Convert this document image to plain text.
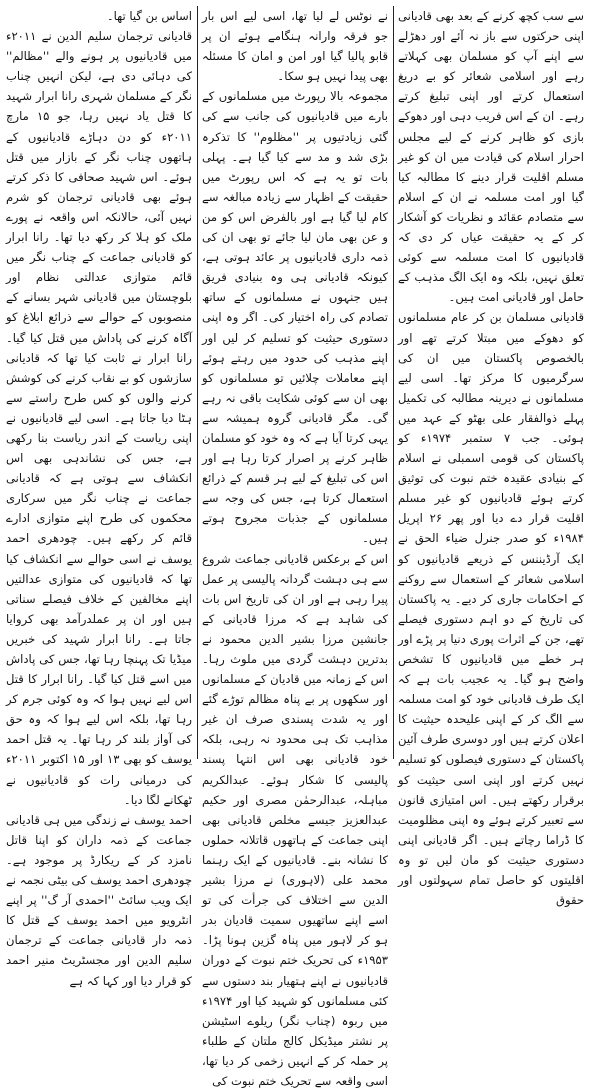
سے سب کچھ کرنے کے بعد بھی قادیانی اپنی حرکتوں سے باز نہ آئے اور دھڑلے سے اپنے آپ کو مسلمان بھی کہلاتے رہے اور اسلامی شعائر کو بے دریغ استعمال کرتے اور اپنی تبلیغ کرتے رہے۔ ان کے اس فریب دہی اور دھوکے بازی کو ظاہر کرنے کے لیے مجلس احرار اسلام کی قیادت میں ان کو غیر مسلم اقلیت قرار دینے کا مطالبہ کیا گیا اور امت مسلمہ نے ان کے اسلام سے متصادم عقائد و نظریات کو آشکار کر کے یہ حقیقت عیاں کر دی کہ قادیانیوں کا امت مسلمہ سے کوئی تعلق نہیں، بلکہ وہ ایک الگ مذہب کے حامل اور قادیانی امت ہیں۔

قادیانی مسلمان بن کر عام مسلمانوں کو دھوکے میں مبتلا کرتے تھے اور بالخصوص پاکستان میں ان کی سرگرمیوں کا مرکز تھا۔ اسی لیے مسلمانوں نے دیرینہ مطالبہ کی تکمیل پہلے ذوالفقار علی بھٹو کے عہد میں ہوئی۔ جب ۷ ستمبر ۱۹۷۴ء کو پاکستان کی قومی اسمبلی نے اسلام کے بنیادی عقیدہ ختم نبوت کی توثیق کرتے ہوئے قادیانیوں کو غیر مسلم اقلیت قرار دے دیا اور پھر ۲۶ اپریل ۱۹۸۴ء کو صدر جنرل ضیاء الحق نے ایک آرڈیننس کے ذریعے قادیانیوں کو اسلامی شعائر کے استعمال سے روکنے کے احکامات جاری کر دیے۔ یہ پاکستان کی تاریخ کے دو اہم دستوری فیصلے تھے، جن کے اثرات پوری دنیا پر پڑے اور ہر خطے میں قادیانیوں کا تشخص واضح ہو گیا۔ یہ عجیب بات ہے کہ ایک طرف قادیانی خود کو امت مسلمہ سے الگ کر کے اپنی علیحدہ حیثیت کا اعلان کرتے ہیں اور دوسری طرف آئین پاکستان کے دستوری فیصلوں کو تسلیم نہیں کرتے اور اپنی اسی حیثیت کو برقرار رکھتے ہیں۔ اس امتیازی قانون سے تعبیر کرتے ہوئے وہ اپنی مظلومیت کا ڈراما رچاتے ہیں۔ اگر قادیانی اپنی دستوری حیثیت کو مان لیں تو وہ اقلیتوں کو حاصل تمام سہولتوں اور حقوق

نے نوٹس لے لیا تھا، اسی لیے اس بار جو فرقہ وارانہ ہنگامے ہوئے ان پر قابو پالیا گیا اور امن و امان کا مسئلہ بھی پیدا نہیں ہو سکا۔

مجموعہ بالا رپورٹ میں مسلمانوں کے بارے میں قادیانیوں کی جانب سے کی گئی زیادتیوں پر ''مظلوم'' کا تذکرہ بڑی شد و مد سے کیا گیا ہے۔ پہلی بات تو یہ ہے کہ اس رپورٹ میں حقیقت کے اظہار سے زیادہ مبالغہ سے کام لیا گیا ہے اور بالفرض اس کو من و عن بھی مان لیا جائے تو بھی ان کی ذمہ داری قادیانیوں پر عائد ہوتی ہے، کیونکہ قادیانی ہی وہ بنیادی فریق ہیں جنہوں نے مسلمانوں کے ساتھ تصادم کی راہ اختیار کی۔ اگر وہ اپنی دستوری حیثیت کو تسلیم کر لیں اور اپنے مذہب کی حدود میں رہتے ہوئے اپنے معاملات چلائیں تو مسلمانوں کو بھی ان سے کوئی شکایت باقی نہ رہے گی۔ مگر قادیانی گروہ ہمیشہ سے یہی کرتا آیا ہے کہ وہ خود کو مسلمان ظاہر کرنے پر اصرار کرتا رہا ہے اور اس کی تبلیغ کے لیے ہر قسم کے ذرائع استعمال کرتا ہے، جس کی وجہ سے مسلمانوں کے جذبات مجروح ہوتے ہیں۔

اس کے برعکس قادیانی جماعت شروع سے ہی دہشت گردانہ پالیسی پر عمل پیرا رہی ہے اور ان کی تاریخ اس بات کی شاہد ہے کہ مرزا قادیانی کے جانشین مرزا بشیر الدین محمود نے بدترین دہشت گردی میں ملوث رہا۔ اس کے زمانہ میں قادیان کے مسلمانوں اور سکھوں پر بے پناہ مظالم توڑے گئے اور یہ شدت پسندی صرف ان غیر مذاہب تک ہی محدود نہ رہی، بلکہ خود قادیانی بھی اس انتہا پسند پالیسی کا شکار ہوئے۔ عبدالکریم مباہلہ، عبدالرحمٰن مصری اور حکیم عبدالعزیز جیسے مخلص قادیانی بھی اپنی جماعت کے ہاتھوں قاتلانہ حملوں کا نشانہ بنے۔ قادیانیوں کے ایک رہنما محمد علی (لاہوری) نے مرزا بشیر الدین سے اختلاف کی جرأت کی تو اسے اپنے ساتھیوں سمیت قادیان بدر ہو کر لاہور میں پناہ گزین ہونا پڑا۔ ۱۹۵۳ء کی تحریک ختم نبوت کے دوران قادیانیوں نے اپنے ہتھیار بند دستوں سے کئی مسلمانوں کو شہید کیا اور ۱۹۷۴ء میں ربوہ (چناب نگر) ریلوے اسٹیشن پر نشتر میڈیکل کالج ملتان کے طلباء پر حملہ کر کے انہیں زخمی کر دیا تھا، اسی واقعہ سے تحریک ختم نبوت کی

اساس بن گیا تھا۔

قادیانی ترجمان سلیم الدین نے ۲۰۱۱ء میں قادیانیوں پر ہونے والے ''مظالم'' کی دہائی دی ہے، لیکن انہیں چناب نگر کے مسلمان شہری رانا ابرار شہید کا قتل یاد نہیں رہا، جو ۱۵ مارچ ۲۰۱۱ء کو دن دہاڑے قادیانیوں کے ہاتھوں چناب نگر کے بازار میں قتل ہوئے۔ اس شہید صحافی کا ذکر کرتے ہوئے بھی قادیانی ترجمان کو شرم نہیں آئی، حالانکہ اس واقعہ نے پورے ملک کو ہلا کر رکھ دیا تھا۔ رانا ابرار کو قادیانی جماعت کے چناب نگر میں قائم متوازی عدالتی نظام اور بلوچستان میں قادیانی شہر بسانے کے منصوبوں کے حوالے سے ذرائع ابلاغ کو آگاہ کرنے کی پاداش میں قتل کیا گیا۔ رانا ابرار نے ثابت کیا تھا کہ قادیانی سازشوں کو بے نقاب کرنے کی کوشش کرنے والوں کو کس طرح راستے سے ہٹا دیا جاتا ہے۔ اسی لیے قادیانیوں نے اپنی ریاست کے اندر ریاست بنا رکھی ہے، جس کی نشاندہی بھی اس انکشاف سے ہوتی ہے کہ قادیانی جماعت نے چناب نگر میں سرکاری محکموں کی طرح اپنے متوازی ادارے قائم کر رکھے ہیں۔ چودھری احمد یوسف نے اسی حوالے سے انکشاف کیا تھا کہ قادیانیوں کی متوازی عدالتیں اپنے مخالفین کے خلاف فیصلے سناتی ہیں اور ان پر عملدرآمد بھی کروایا جاتا ہے۔ رانا ابرار شہید کی خبریں میڈیا تک پہنچا رہا تھا، جس کی پاداش میں اسے قتل کیا گیا۔ رانا ابرار کا قتل اس لیے نہیں ہوا کہ وہ کوئی جرم کر رہا تھا، بلکہ اس لیے ہوا کہ وہ حق کی آواز بلند کر رہا تھا۔ یہ قتل احمد یوسف کو بھی ۱۳ اور ۱۵ اکتوبر ۲۰۱۱ء کی درمیانی رات کو قادیانیوں نے ٹھکانے لگا دیا۔

احمد یوسف نے زندگی میں ہی قادیانی جماعت کے ذمہ داران کو اپنا قاتل نامزد کر کے ریکارڈ پر موجود ہے۔ چودھری احمد یوسف کی بیٹی نجمہ نے ایک ویب سائٹ ''احمدی آر گ'' پر اپنے انٹرویو میں احمد یوسف کے قتل کا ذمہ دار قادیانی جماعت کے ترجمان سلیم الدین اور مجسٹریٹ منیر احمد کو قرار دیا اور کہا کہ ہے
